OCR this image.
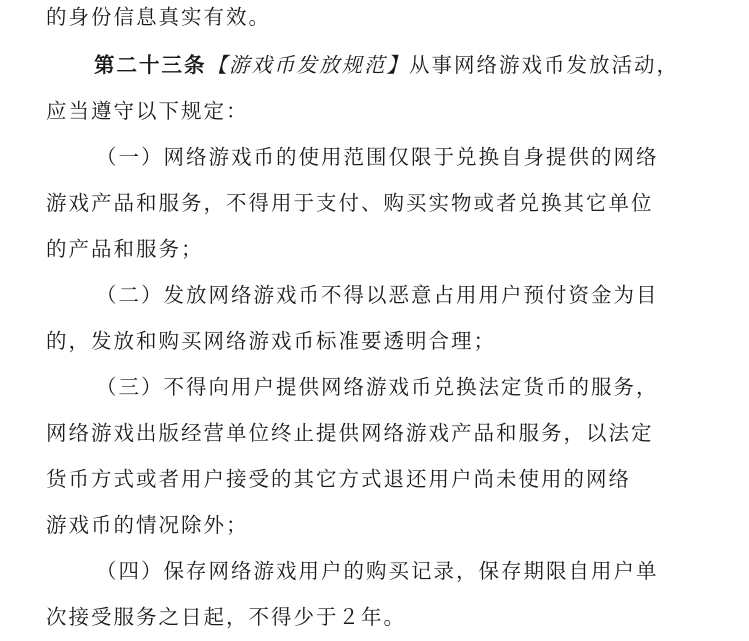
的身份信息真实有效。
第二十三条【游戏币发放规范】从事网络游戏币发放活动，
应当遵守以下规定：
（一）网络游戏币的使用范围仅限于兑换自身提供的网络
游戏产品和服务，不得用于支付、购买实物或者兑换其它单位
的产品和服务；
（二）发放网络游戏币不得以恶意占用用户预付资金为目
的，发放和购买网络游戏币标准要透明合理；
（三）不得向用户提供网络游戏币兑换法定货币的服务，
网络游戏出版经营单位终止提供网络游戏产品和服务，以法定
货币方式或者用户接受的其它方式退还用户尚未使用的网络
游戏币的情况除外；
（四）保存网络游戏用户的购买记录，保存期限自用户单
次接受服务之日起，不得少于２年。
